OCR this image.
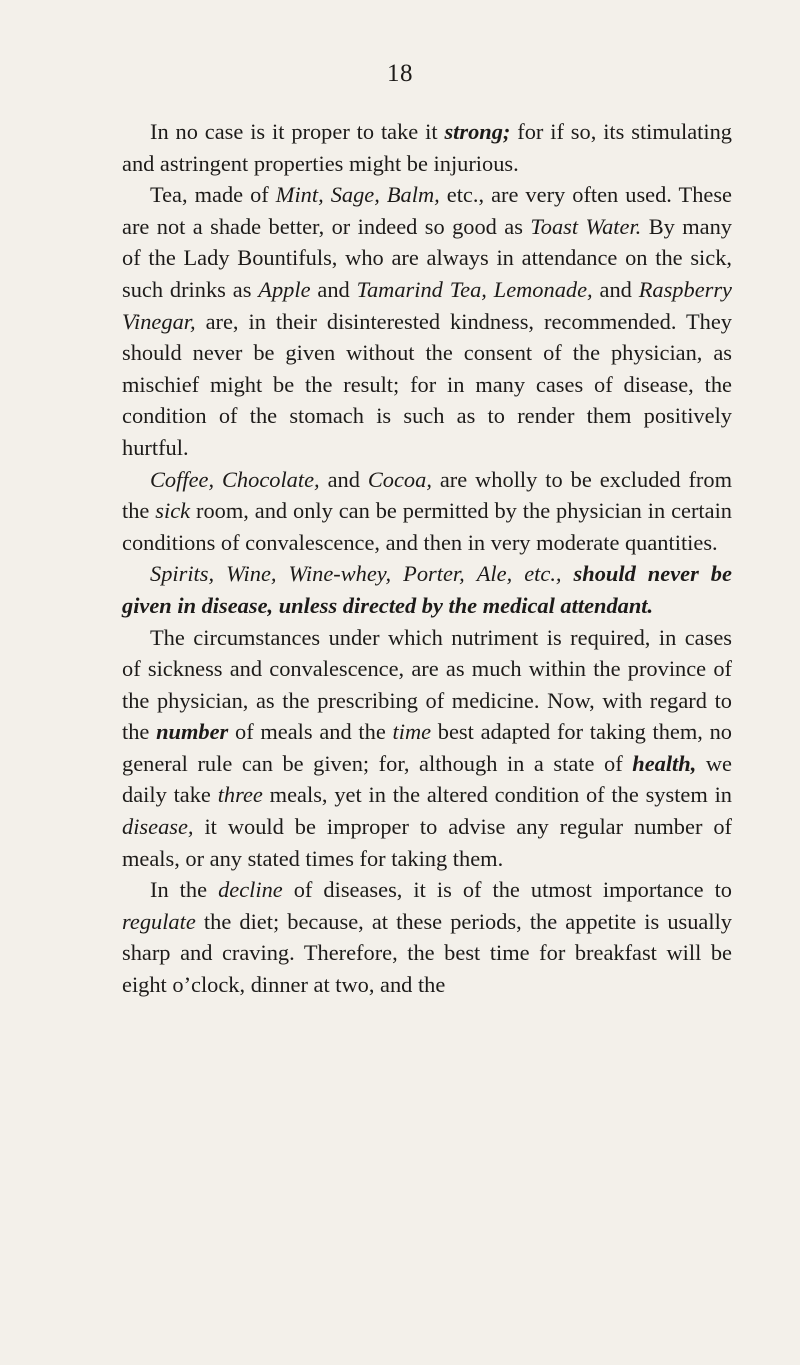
18

In no case is it proper to take it strong; for if so, its stimulating and astringent properties might be injurious.

Tea, made of Mint, Sage, Balm, etc., are very often used. These are not a shade better, or indeed so good as Toast Water. By many of the Lady Bountifuls, who are always in attendance on the sick, such drinks as Apple and Tamarind Tea, Lemonade, and Raspberry Vinegar, are, in their disinterested kindness, recommended. They should never be given without the consent of the physician, as mischief might be the result; for in many cases of disease, the condition of the stomach is such as to render them positively hurtful.

Coffee, Chocolate, and Cocoa, are wholly to be excluded from the sick room, and only can be permitted by the physician in certain conditions of convalescence, and then in very moderate quantities.

Spirits, Wine, Wine-whey, Porter, Ale, etc., should never be given in disease, unless directed by the medical attendant.

The circumstances under which nutriment is required, in cases of sickness and convalescence, are as much within the province of the physician, as the prescribing of medicine. Now, with regard to the number of meals and the time best adapted for taking them, no general rule can be given; for, although in a state of health, we daily take three meals, yet in the altered condition of the system in disease, it would be improper to advise any regular number of meals, or any stated times for taking them.

In the decline of diseases, it is of the utmost importance to regulate the diet; because, at these periods, the appetite is usually sharp and craving. Therefore, the best time for breakfast will be eight o’clock, dinner at two, and the
